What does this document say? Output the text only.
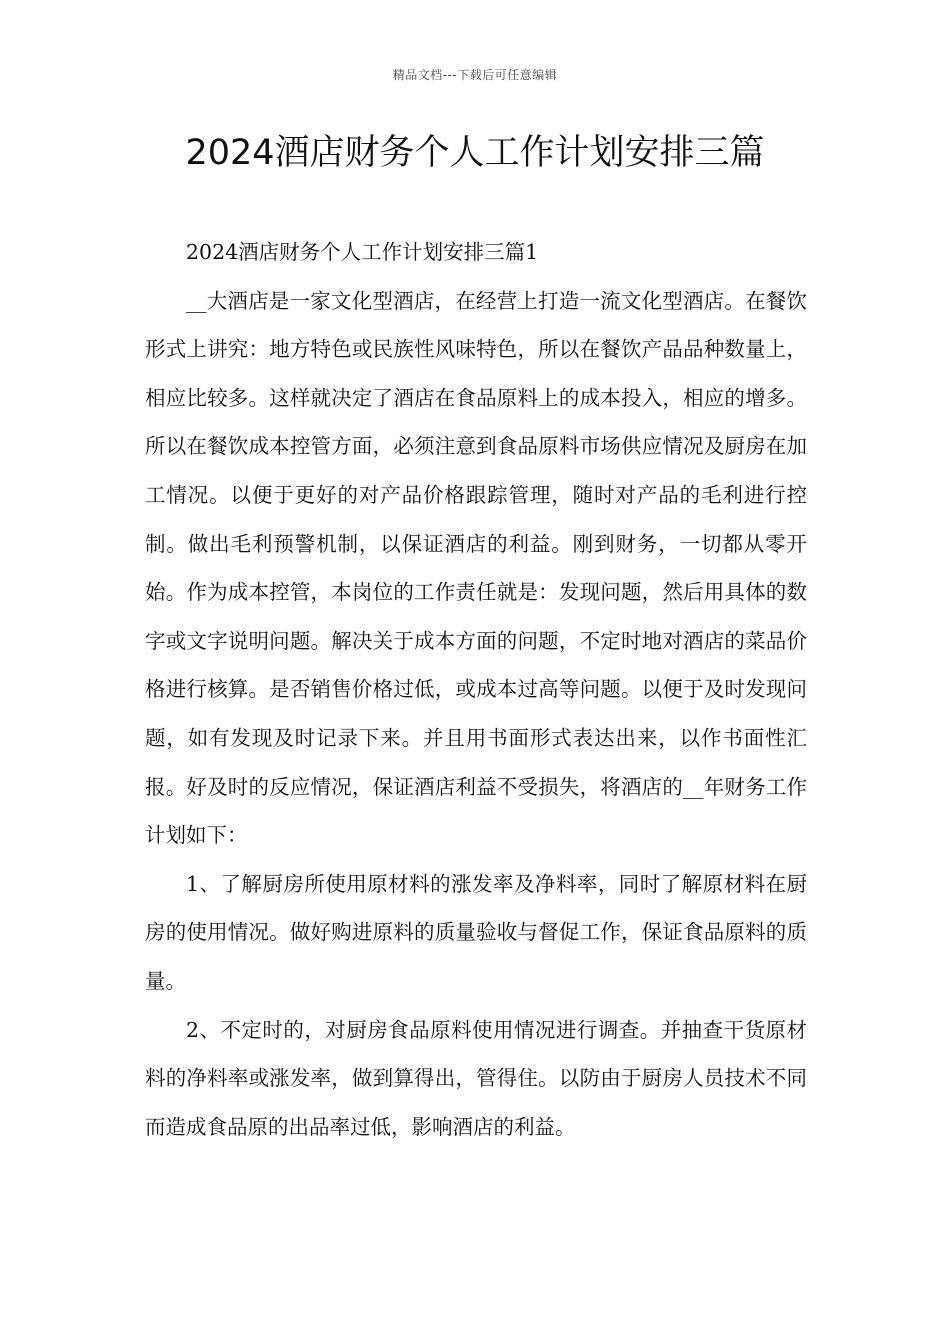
精品文档---下载后可任意编辑
2024酒店财务个人工作计划安排三篇

2024酒店财务个人工作计划安排三篇1

__大酒店是一家文化型酒店，在经营上打造一流文化型酒店。在餐饮形式上讲究：地方特色或民族性风味特色，所以在餐饮产品品种数量上，相应比较多。这样就决定了酒店在食品原料上的成本投入，相应的增多。所以在餐饮成本控管方面，必须注意到食品原料市场供应情况及厨房在加工情况。以便于更好的对产品价格跟踪管理，随时对产品的毛利进行控制。做出毛利预警机制，以保证酒店的利益。刚到财务，一切都从零开始。作为成本控管，本岗位的工作责任就是：发现问题，然后用具体的数字或文字说明问题。解决关于成本方面的问题，不定时地对酒店的菜品价格进行核算。是否销售价格过低，或成本过高等问题。以便于及时发现问题，如有发现及时记录下来。并且用书面形式表达出来，以作书面性汇报。好及时的反应情况，保证酒店利益不受损失，将酒店的__年财务工作计划如下：

1、了解厨房所使用原材料的涨发率及净料率，同时了解原材料在厨房的使用情况。做好购进原料的质量验收与督促工作，保证食品原料的质量。

2、不定时的，对厨房食品原料使用情况进行调查。并抽查干货原材料的净料率或涨发率，做到算得出，管得住。以防由于厨房人员技术不同而造成食品原的出品率过低，影响酒店的利益。
